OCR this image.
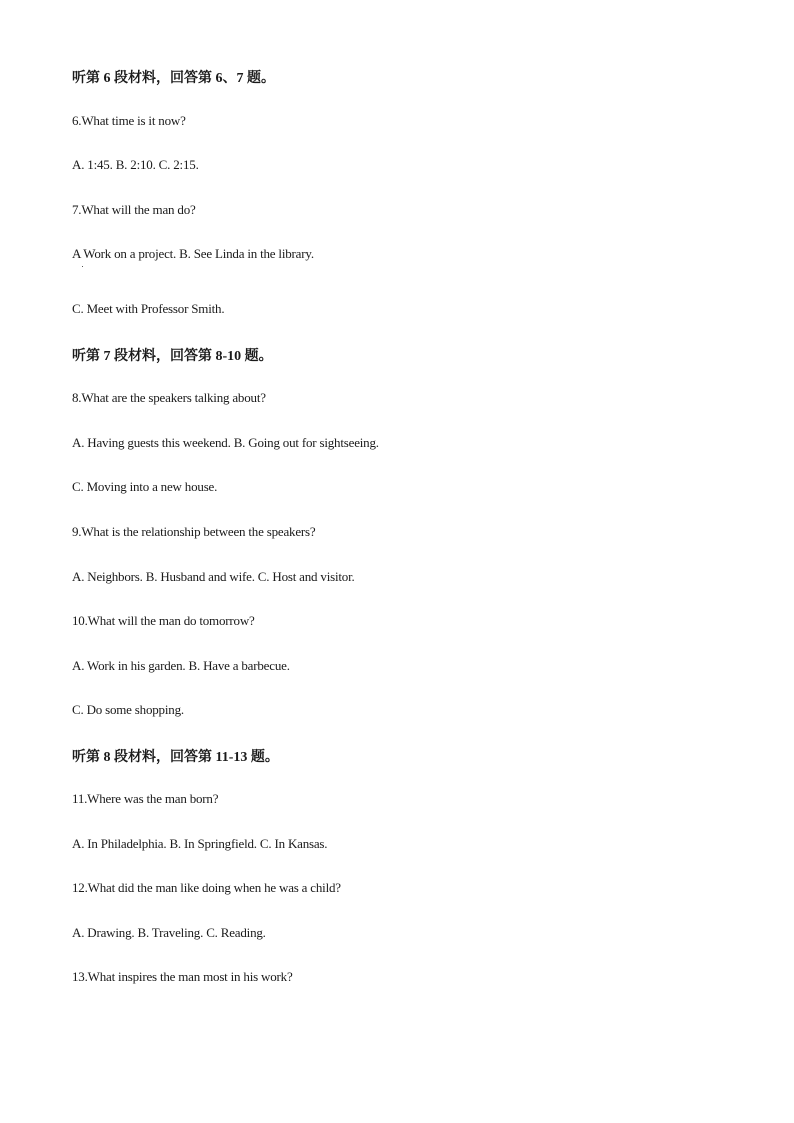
听第 6 段材料，回答第 6、7 题。
6.What time is it now?
A. 1:45. B. 2:10. C. 2:15.
7.What will the man do?
A Work on a project. B. See Linda in the library.
C. Meet with Professor Smith.
听第 7 段材料，回答第 8-10 题。
8.What are the speakers talking about?
A. Having guests this weekend. B. Going out for sightseeing.
C. Moving into a new house.
9.What is the relationship between the speakers?
A. Neighbors. B. Husband and wife. C. Host and visitor.
10.What will the man do tomorrow?
A. Work in his garden. B. Have a barbecue.
C. Do some shopping.
听第 8 段材料，回答第 11-13 题。
11.Where was the man born?
A. In Philadelphia. B. In Springfield. C. In Kansas.
12.What did the man like doing when he was a child?
A. Drawing. B. Traveling. C. Reading.
13.What inspires the man most in his work?
